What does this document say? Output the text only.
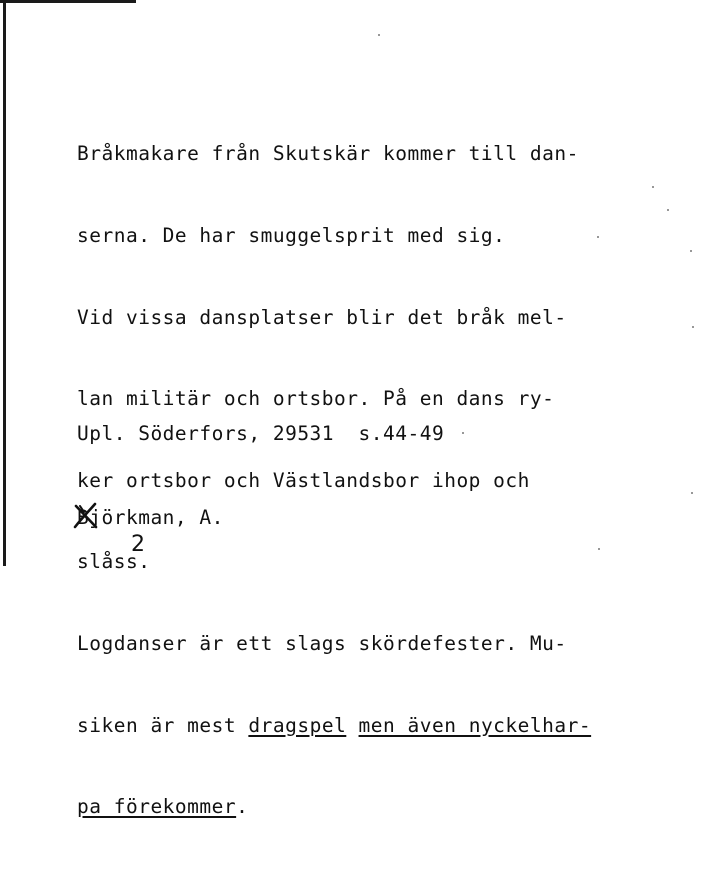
Bråkmakare från Skutskär kommer till dan-

serna. De har smuggelsprit med sig.

Vid vissa dansplatser blir det bråk mel-

lan militär och ortsbor. På en dans ry-

ker ortsbor och Västlandsbor ihop och

slåss.

Logdanser är ett slags skördefester. Mu-

siken är mest dragspel men även nyckelhar-

pa förekommer.

Upl. Söderfors, 29531  s.44-49

Björkman, A.

2
